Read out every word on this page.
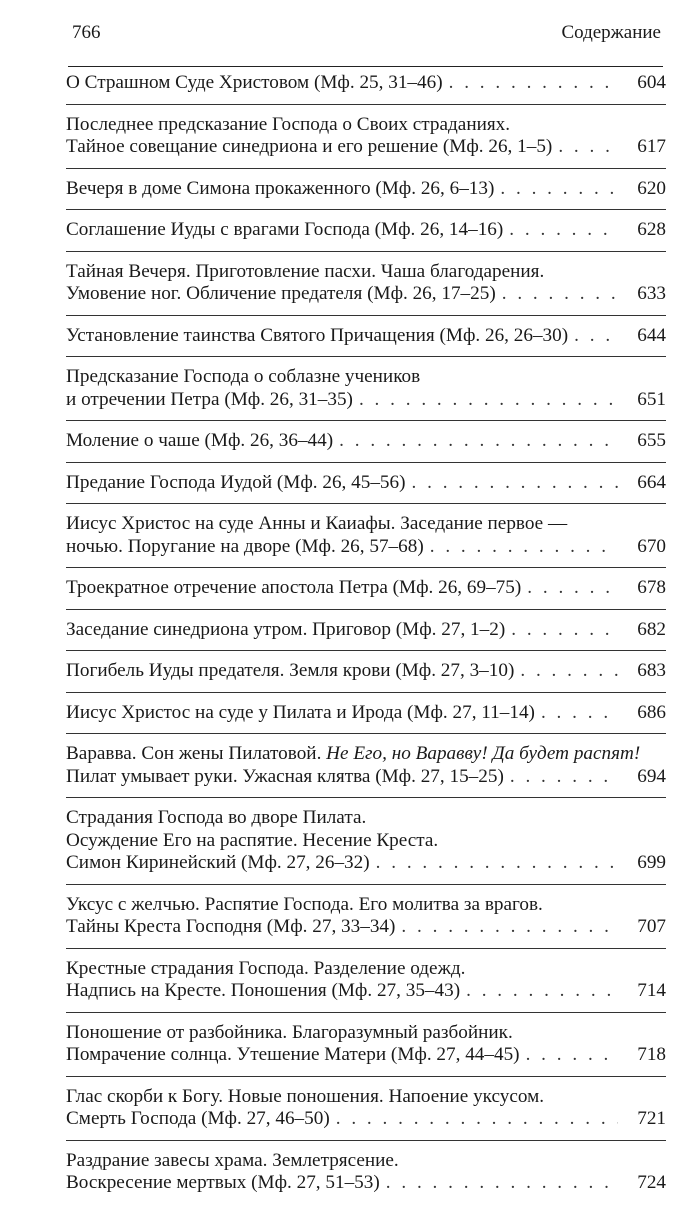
766	Содержание
О Страшном Суде Христовом (Мф. 25, 31–46) . . .	604
Последнее предсказание Господа о Своих страданиях.
Тайное совещание синедриона и его решение (Мф. 26, 1–5) . . .	617
Вечеря в доме Симона прокаженного (Мф. 26, 6–13) . . .	620
Соглашение Иуды с врагами Господа (Мф. 26, 14–16) . . .	628
Тайная Вечеря. Приготовление пасхи. Чаша благодарения.
Умовение ног. Обличение предателя (Мф. 26, 17–25) . . .	633
Установление таинства Святого Причащения (Мф. 26, 26–30) . . .	644
Предсказание Господа о соблазне учеников
и отречении Петра (Мф. 26, 31–35) . . .	651
Моление о чаше (Мф. 26, 36–44) . . .	655
Предание Господа Иудой (Мф. 26, 45–56) . . .	664
Иисус Христос на суде Анны и Каиафы. Заседание первое —
ночью. Поругание на дворе (Мф. 26, 57–68) . . .	670
Троекратное отречение апостола Петра (Мф. 26, 69–75) . . .	678
Заседание синедриона утром. Приговор (Мф. 27, 1–2) . . .	682
Погибель Иуды предателя. Земля крови (Мф. 27, 3–10) . . .	683
Иисус Христос на суде у Пилата и Ирода (Мф. 27, 11–14) . . .	686
Варавва. Сон жены Пилатовой. Не Его, но Варавву! Да будет распят!
Пилат умывает руки. Ужасная клятва (Мф. 27, 15–25) . . .	694
Страдания Господа во дворе Пилата.
Осуждение Его на распятие. Несение Креста.
Симон Киринейский (Мф. 27, 26–32) . . .	699
Уксус с желчью. Распятие Господа. Его молитва за врагов.
Тайны Креста Господня (Мф. 27, 33–34) . . .	707
Крестные страдания Господа. Разделение одежд.
Надпись на Кресте. Поношения (Мф. 27, 35–43) . . .	714
Поношение от разбойника. Благоразумный разбойник.
Помрачение солнца. Утешение Матери (Мф. 27, 44–45) . . .	718
Глас скорби к Богу. Новые поношения. Напоение уксусом.
Смерть Господа (Мф. 27, 46–50) . . .	721
Раздрание завесы храма. Землетрясение.
Воскресение мертвых (Мф. 27, 51–53) . . .	724
